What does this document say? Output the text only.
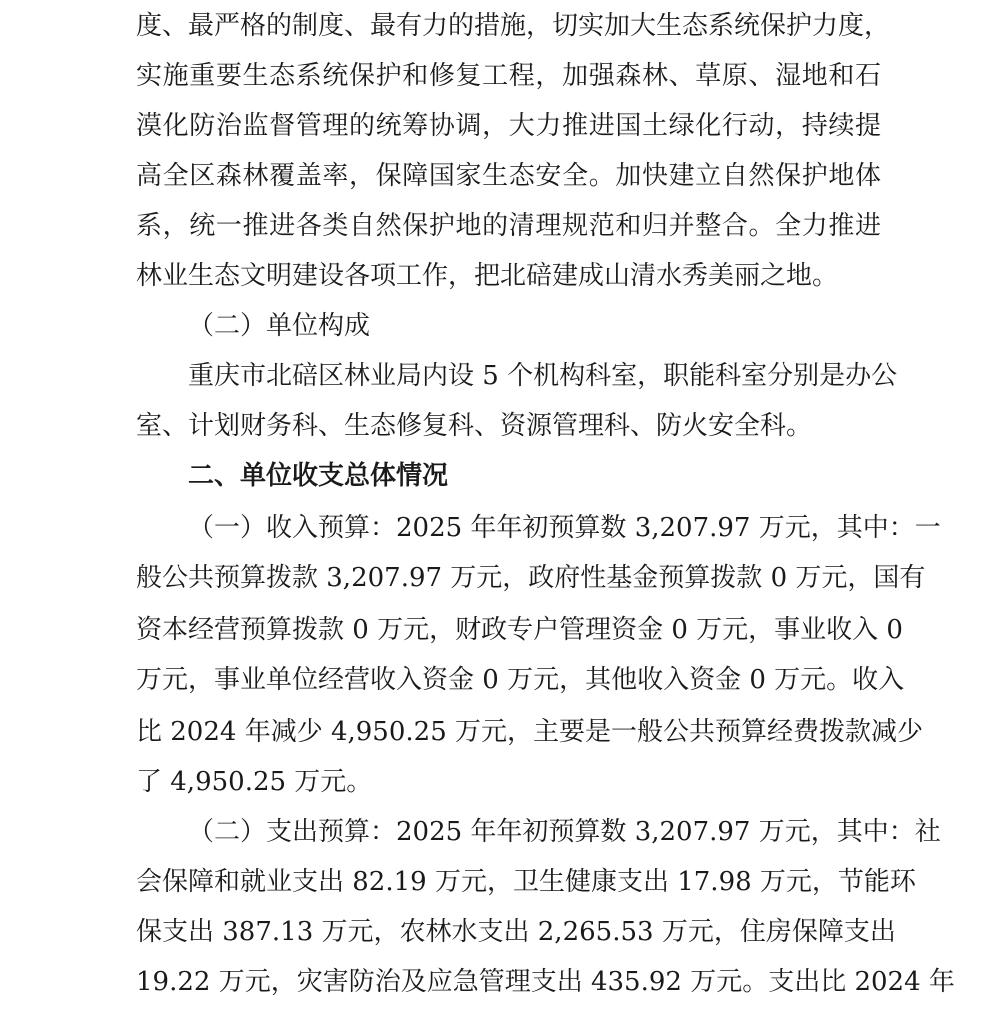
度、最严格的制度、最有力的措施，切实加大生态系统保护力度，
实施重要生态系统保护和修复工程，加强森林、草原、湿地和石
漠化防治监督管理的统筹协调，大力推进国土绿化行动，持续提
高全区森林覆盖率，保障国家生态安全。加快建立自然保护地体
系，统一推进各类自然保护地的清理规范和归并整合。全力推进
林业生态文明建设各项工作，把北碚建成山清水秀美丽之地。
（二）单位构成
重庆市北碚区林业局内设 5 个机构科室，职能科室分别是办公
室、计划财务科、生态修复科、资源管理科、防火安全科。
二、单位收支总体情况
（一）收入预算：2025 年年初预算数 3,207.97 万元，其中：一
般公共预算拨款 3,207.97 万元，政府性基金预算拨款 0 万元，国有
资本经营预算拨款 0 万元，财政专户管理资金 0 万元，事业收入 0
万元，事业单位经营收入资金 0 万元，其他收入资金 0 万元。收入
比 2024 年减少 4,950.25 万元，主要是一般公共预算经费拨款减少
了 4,950.25 万元。
（二）支出预算：2025 年年初预算数 3,207.97 万元，其中：社
会保障和就业支出 82.19 万元，卫生健康支出 17.98 万元，节能环
保支出 387.13 万元，农林水支出 2,265.53 万元，住房保障支出
19.22 万元，灾害防治及应急管理支出 435.92 万元。支出比 2024 年
